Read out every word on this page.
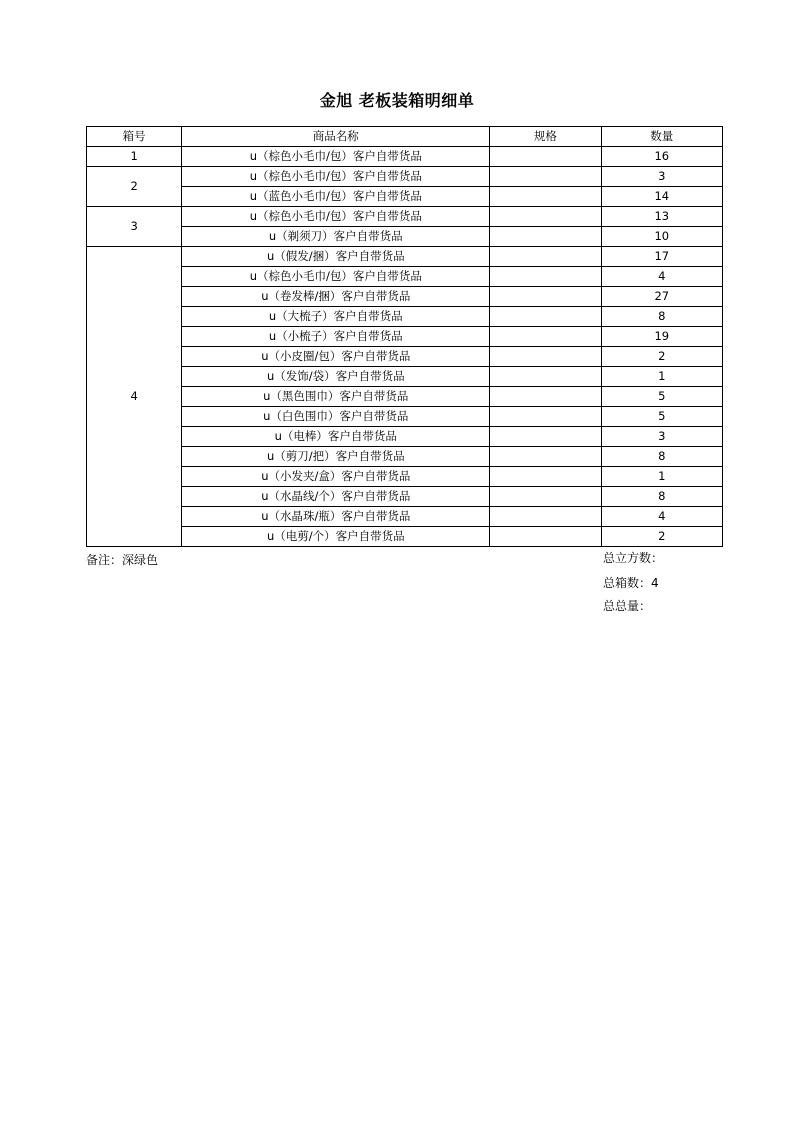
金旭 老板装箱明细单
箱号	商品名称	规格	数量
1	u（棕色小毛巾/包）客户自带货品		16
2	u（棕色小毛巾/包）客户自带货品		3
	u（蓝色小毛巾/包）客户自带货品		14
3	u（棕色小毛巾/包）客户自带货品		13
	u（剃须刀）客户自带货品		10
4	u（假发/捆）客户自带货品		17
	u（棕色小毛巾/包）客户自带货品		4
	u（卷发棒/捆）客户自带货品		27
	u（大梳子）客户自带货品		8
	u（小梳子）客户自带货品		19
	u（小皮圈/包）客户自带货品		2
	u（发饰/袋）客户自带货品		1
	u（黑色围巾）客户自带货品		5
	u（白色围巾）客户自带货品		5
	u（电棒）客户自带货品		3
	u（剪刀/把）客户自带货品		8
	u（小发夹/盒）客户自带货品		1
	u（水晶线/个）客户自带货品		8
	u（水晶珠/瓶）客户自带货品		4
	u（电剪/个）客户自带货品		2
备注：深绿色	总立方数：
总箱数：4
总总量：
